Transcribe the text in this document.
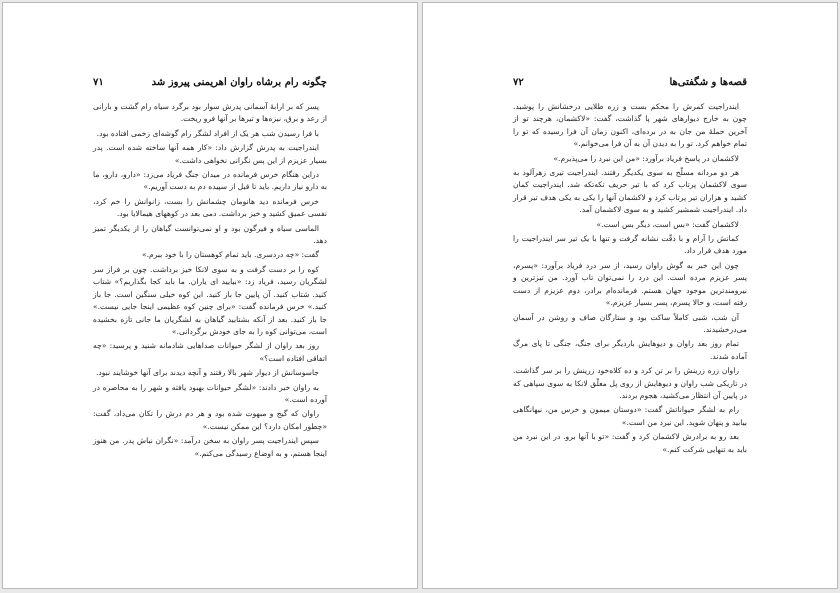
چگونه رام برشاه راوان اهریمنی پیروز شد
۷۱

پسر که بر ارابهٔ آسمانی پدرش سوار بود برگرد سیاه رام گشت و بارانی از رعد و برق، نیزه‌ها و تیرها بر آنها فرو ریخت.

با فرا رسیدن شب هر یک از افراد لشگر رام گوشه‌ای زخمی افتاده بود.

ایندراجیت به پدرش گزارش داد: «کار همه آنها ساخته شده است. پدر بسیار عزیزم از این پس نگرانی نخواهی داشت.»

دراین هنگام خرس فرمانده در میدان جنگ فریاد می‌زد: «دارو، دارو، ما به دارو نیاز داریم. باید تا قبل از سپیده دم به دست آوریم.»

خرس فرمانده دید هانومان چشمانش را بست، زانوانش را خم کرد، نفسی عمیق کشید و خیز برداشت. دمی بعد در کوههای هیمالایا بود.

الماسی سیاه و فیرگون بود و او نمی‌توانست گیاهان را از یکدیگر تمیز دهد.

گفت: «چه دردسری. باید تمام کوهستان را با خود ببرم.»

کوه را بر دست گرفت و به سوی لانکا خیز برداشت. چون بر فراز سر لشگریان رسید، فریاد زد: «بیایید ای یاران. ما باید کجا بگذاریم؟» شتاب کنید. شتاب کنید. آن پایین جا باز کنید. این کوه خیلی سنگین است. جا باز کنید.» خرس فرمانده گفت: «برای چنین کوه عظیمی اینجا جایی نیست.» جا باز کنید. بعد از آنکه بشتابید گیاهان به لشگریان ما جانی تازه بخشیده است، می‌توانی کوه را به جای خودش برگردانی.»

روز بعد راوان از لشگر حیوانات صداهایی شادمانه شنید و پرسید: «چه اتفاقی افتاده است؟»

جاسوسانش از دیوار شهر بالا رفتند و آنچه دیدند برای آنها خوشایند نبود.

به راوان خبر دادند: «لشگر حیوانات بهبود یافته و شهر را به محاصره در آورده است.»

راوان که گیج و مبهوت شده بود و هر دم درش را تکان می‌داد، گفت: «چطور امکان دارد؟ این ممکن نیست.»

سپس ایندراجیت پسر راوان به سخن درآمد: «نگران نباش پدر. من هنوز اینجا هستم، و به اوضاع رسیدگی می‌کنم.»

قصه‌ها و شگفتی‌ها
۷۲

ایندراجیت کمرش را محکم بست و زره طلایی درخشانش را پوشید. چون به خارج دیوارهای شهر پا گذاشت، گفت: «لاکشمان، هرچند تو از آخرین حملهٔ من جان به در برده‌ای، اکنون زمان آن فرا رسیده که تو را تمام خواهم کرد. تو را به دیدن آن به آن فرا می‌خوانم.»

لاکشمان در پاسخ فریاد برآورد: «من این نبرد را می‌پذیرم.»

هر دو مردانه مسلّح به سوی یکدیگر رفتند. ایندراجیت تیری زهرآلود به سوی لاکشمان پرتاب کرد که با تیر حریف تکه‌تکه شد. ایندراجیت کمان کشید و هزاران تیر پرتاب کرد و لاکشمان آنها را یکی به یکی هدف تیر قرار داد. ایندراجیت شمشیر کشید و به سوی لاکشمان آمد.

لاکشمان گفت: «بس است، دیگر بس است.»

کمانش را آرام و با دقّت نشانه گرفت و تنها با یک تیر سر ایندراجیت را مورد هدف قرار داد.

چون این خبر به گوش راوان رسید، از سر درد فریاد برآورد: «پسرم، پسر عزیزم مرده است. این درد را نمی‌توان تاب آورد. من تیزترین و نیرومندترین موجود جهان هستم. فرمانده‌ام برادر، دوم عزیزم از دست رفته است، و حالا پسرم، پسر بسیار عزیزم.»

آن شب، شبی کاملاً ساکت بود و ستارگان صاف و روشن در آسمان می‌درخشیدند.

تمام روز بعد راوان و دیوهایش باردیگر برای جنگ، جنگی تا پای مرگ آماده شدند.

راوان زره زرینش را بر تن کرد و ده کلاه‌خود زرینش را بر سر گذاشت. در تاریکی شب راوان و دیوهایش از روی پل معلّق لانکا به سوی سپاهی که در پایین آن انتظار می‌کشید، هجوم بردند.

رام به لشگر حیواناتش گفت: «دوستان میمون و خرس من، نیهانگاهی بیابید و پنهان شوید. این نبرد من است.»

بعد رو به برادرش لاکشمان کرد و گفت: «تو با آنها برو. در این نبرد من باید به تنهایی شرکت کنم.»
